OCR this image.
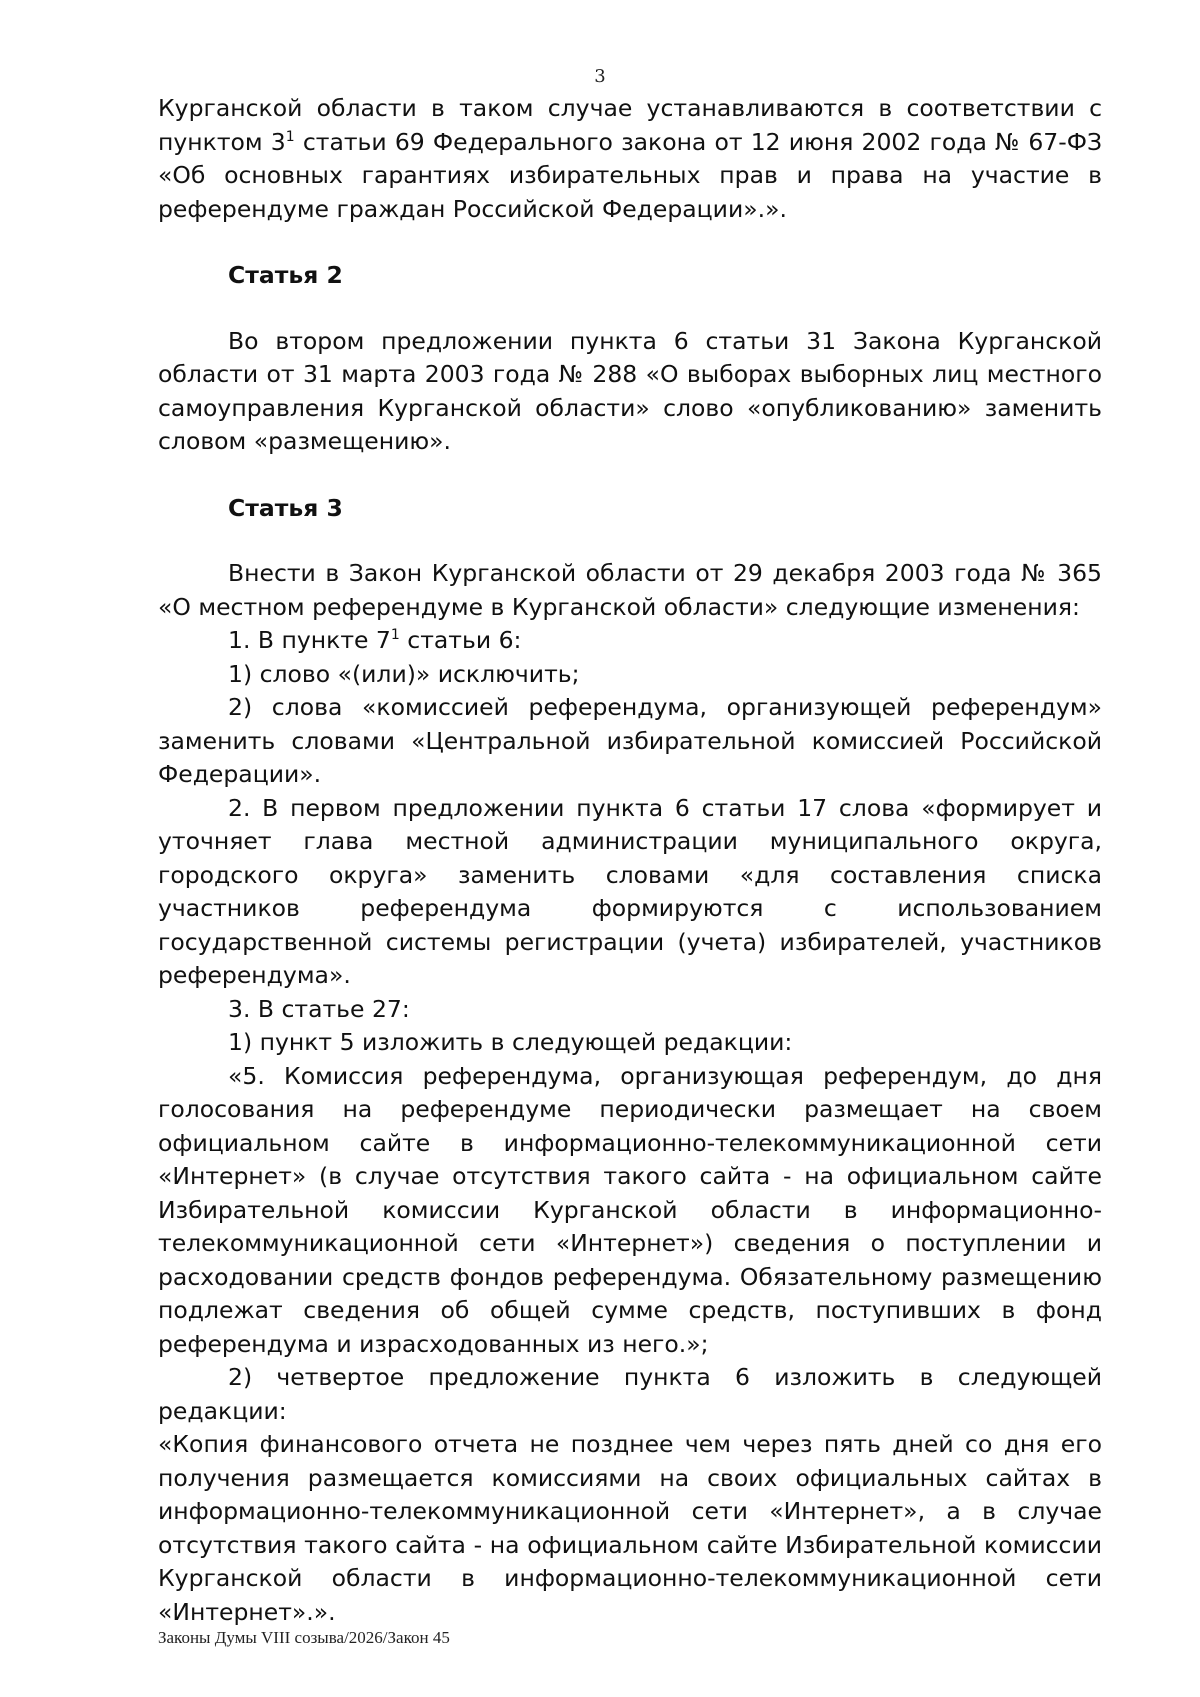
3

Курганской области в таком случае устанавливаются в соответствии с пунктом $3^1$ статьи 69 Федерального закона от 12 июня 2002 года № 67-ФЗ «Об основных гарантиях избирательных прав и права на участие в референдуме граждан Российской Федерации».».

Статья 2

Во втором предложении пункта 6 статьи 31 Закона Курганской области от 31 марта 2003 года № 288 «О выборах выборных лиц местного самоуправления Курганской области» слово «опубликованию» заменить словом «размещению».

Статья 3

Внести в Закон Курганской области от 29 декабря 2003 года № 365 «О местном референдуме в Курганской области» следующие изменения:

1. В пункте $7^1$ статьи 6:

1) слово «(или)» исключить;

2) слова «комиссией референдума, организующей референдум» заменить словами «Центральной избирательной комиссией Российской Федерации».

2. В первом предложении пункта 6 статьи 17 слова «формирует и уточняет глава местной администрации муниципального округа, городского округа» заменить словами «для составления списка участников референдума формируются с использованием государственной системы регистрации (учета) избирателей, участников референдума».

3. В статье 27:

1) пункт 5 изложить в следующей редакции:

«5. Комиссия референдума, организующая референдум, до дня голосования на референдуме периодически размещает на своем официальном сайте в информационно-телекоммуникационной сети «Интернет» (в случае отсутствия такого сайта - на официальном сайте Избирательной комиссии Курганской области в информационно-телекоммуникационной сети «Интернет») сведения о поступлении и расходовании средств фондов референдума. Обязательному размещению подлежат сведения об общей сумме средств, поступивших в фонд референдума и израсходованных из него.»;

2) четвертое предложение пункта 6 изложить в следующей редакции:

«Копия финансового отчета не позднее чем через пять дней со дня его получения размещается комиссиями на своих официальных сайтах в информационно-телекоммуникационной сети «Интернет», а в случае отсутствия такого сайта - на официальном сайте Избирательной комиссии Курганской области в информационно-телекоммуникационной сети «Интернет».».

Законы Думы VIII созыва/2026/Закон 45
